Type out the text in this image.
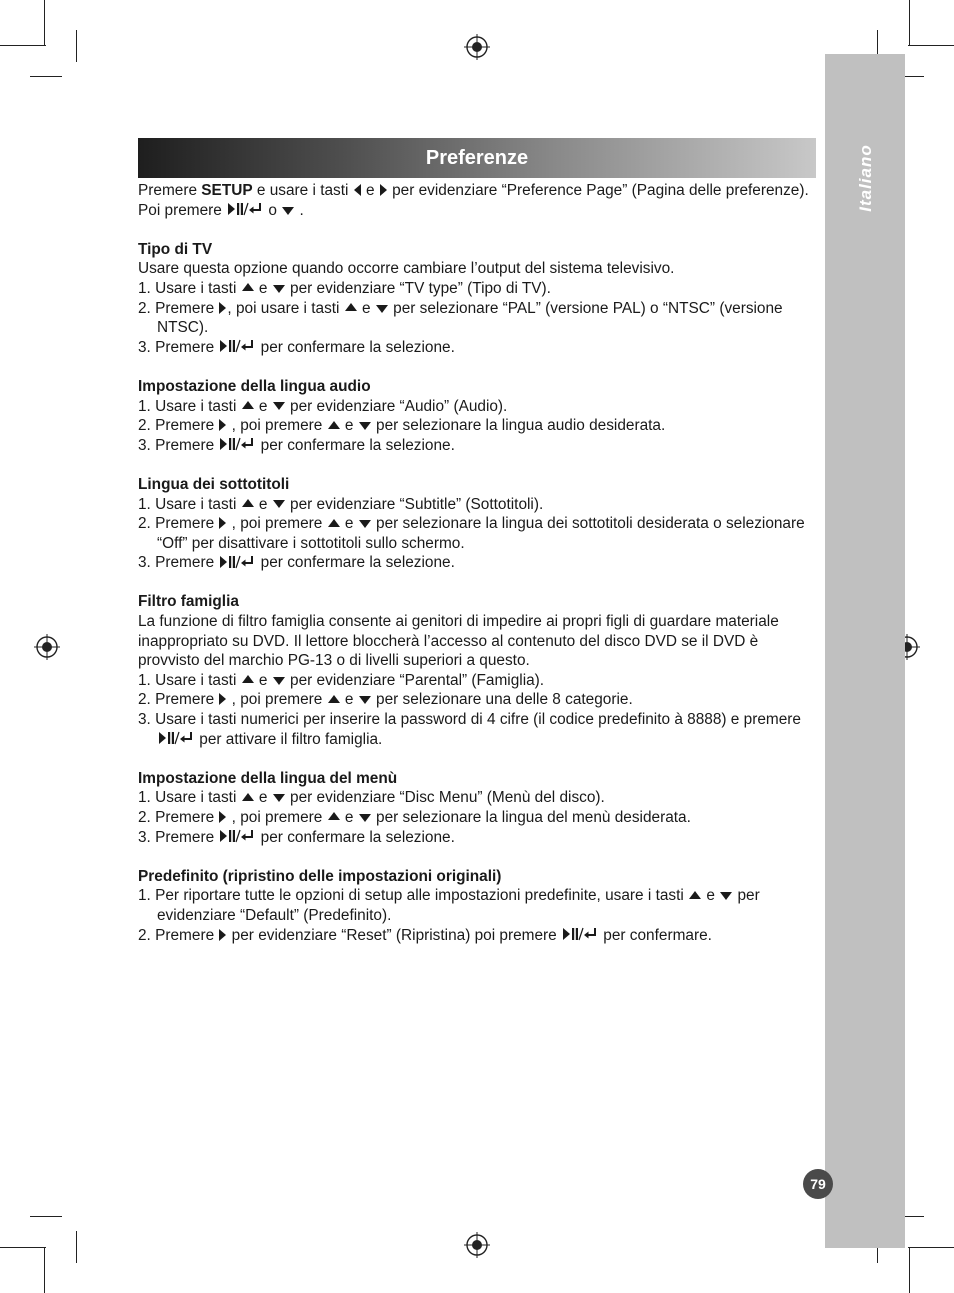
Italiano
79
Preferenze

Premere SETUP e usare i tasti  e  per evidenziare “Preference Page” (Pagina delle preferenze). Poi premere  o  .

Tipo di TV

Usare questa opzione quando occorre cambiare l’output del sistema televisivo.

1. Usare i tasti  e  per evidenziare “TV type” (Tipo di TV).

2. Premere , poi usare i tasti  e  per selezionare “PAL” (versione PAL) o “NTSC” (versione NTSC).

3. Premere  per confermare la selezione.

Impostazione della lingua audio

1. Usare i tasti  e  per evidenziare “Audio” (Audio).

2. Premere  , poi premere  e  per selezionare la lingua audio desiderata.

3. Premere  per confermare la selezione.

Lingua dei sottotitoli

1. Usare i tasti  e  per evidenziare “Subtitle” (Sottotitoli).

2. Premere  , poi premere  e  per selezionare la lingua dei sottotitoli desiderata o selezionare “Off” per disattivare i sottotitoli sullo schermo.

3. Premere  per confermare la selezione.

Filtro famiglia

La funzione di filtro famiglia consente ai genitori di impedire ai propri figli di guardare materiale inappropriato su DVD. Il lettore bloccherà l’accesso al contenuto del disco DVD se il DVD è provvisto del marchio PG-13 o di livelli superiori a questo.

1. Usare i tasti  e  per evidenziare “Parental” (Famiglia).

2. Premere  , poi premere  e  per selezionare una delle 8 categorie.

3. Usare i tasti numerici per inserire la password di 4 cifre (il codice predefinito à 8888) e premere  per attivare il filtro famiglia.

Impostazione della lingua del menù

1. Usare i tasti  e  per evidenziare “Disc Menu” (Menù del disco).

2. Premere  , poi premere  e  per selezionare la lingua del menù desiderata.

3. Premere  per confermare la selezione.

Predefinito (ripristino delle impostazioni originali)

1. Per riportare tutte le opzioni di setup alle impostazioni predefinite, usare i tasti  e  per evidenziare “Default” (Predefinito).

2. Premere  per evidenziare “Reset” (Ripristina) poi premere  per confermare.
